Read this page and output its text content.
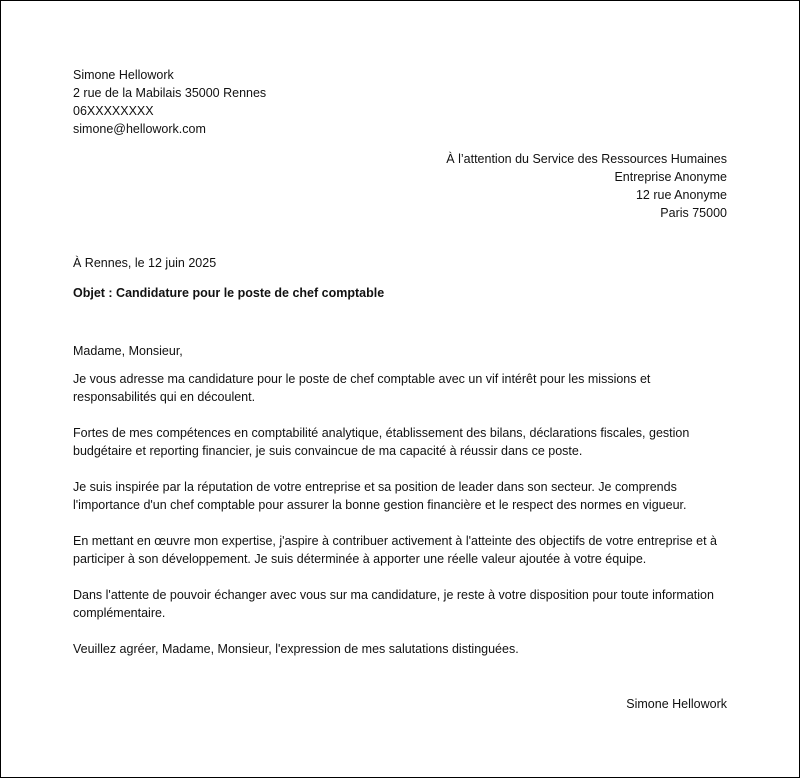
Simone Hellowork
2 rue de la Mabilais 35000 Rennes
06XXXXXXXX
simone@hellowork.com
À l’attention du Service des Ressources Humaines
Entreprise Anonyme
12 rue Anonyme
Paris 75000
À Rennes, le 12 juin 2025
Objet : Candidature pour le poste de chef comptable

Madame, Monsieur,

Je vous adresse ma candidature pour le poste de chef comptable avec un vif intérêt pour les missions et responsabilités qui en découlent.

Fortes de mes compétences en comptabilité analytique, établissement des bilans, déclarations fiscales, gestion budgétaire et reporting financier, je suis convaincue de ma capacité à réussir dans ce poste.

Je suis inspirée par la réputation de votre entreprise et sa position de leader dans son secteur. Je comprends l'importance d'un chef comptable pour assurer la bonne gestion financière et le respect des normes en vigueur.

En mettant en œuvre mon expertise, j'aspire à contribuer activement à l'atteinte des objectifs de votre entreprise et à participer à son développement. Je suis déterminée à apporter une réelle valeur ajoutée à votre équipe.

Dans l'attente de pouvoir échanger avec vous sur ma candidature, je reste à votre disposition pour toute information complémentaire.

Veuillez agréer, Madame, Monsieur, l'expression de mes salutations distinguées.

Simone Hellowork
